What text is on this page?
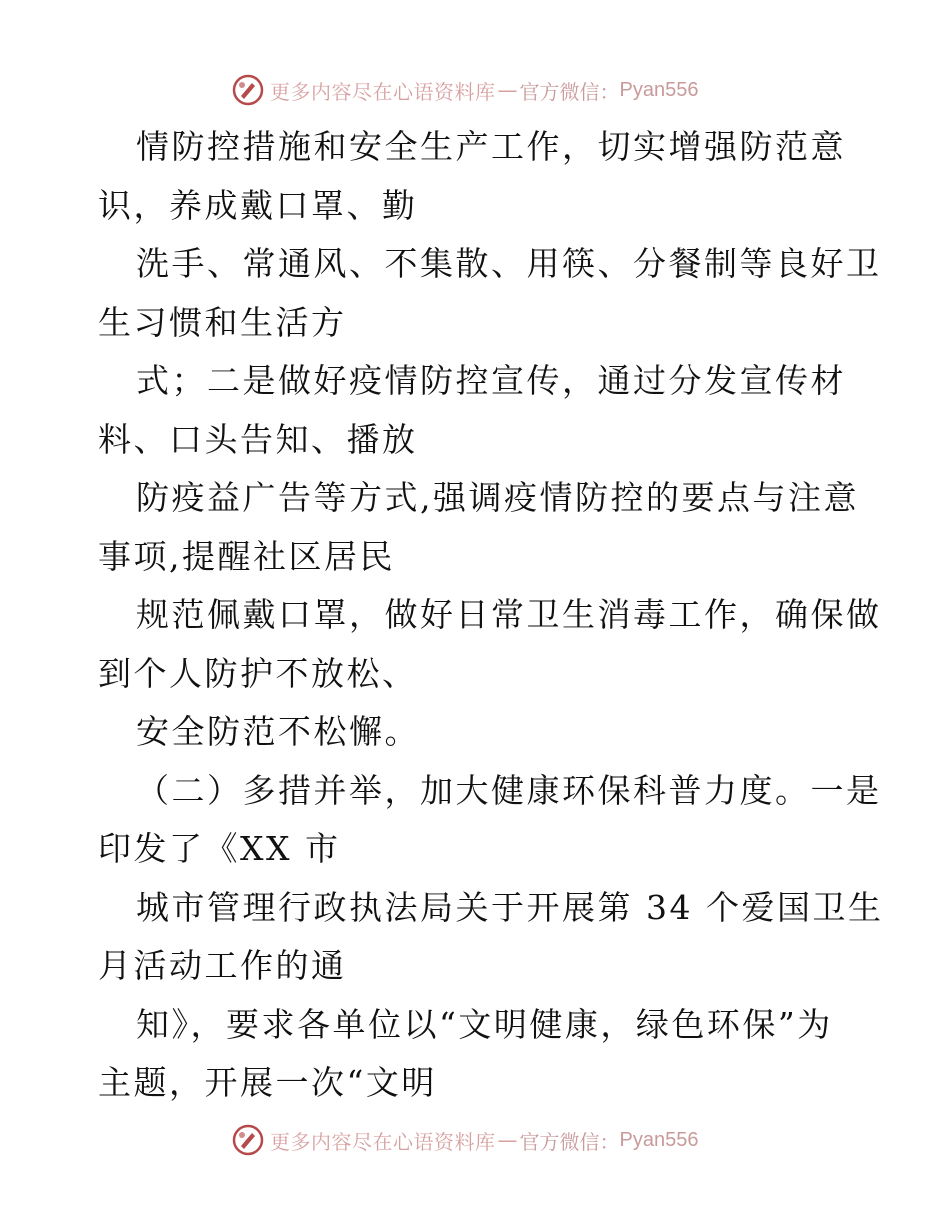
更多内容尽在心语资料库 — 官方微信： Pyan556
情防控措施和安全生产工作，切实增强防范意
识，养成戴口罩、勤
洗手、常通风、不集散、用筷、分餐制等良好卫
生习惯和生活方
式；二是做好疫情防控宣传，通过分发宣传材
料、口头告知、播放
防疫益广告等方式,强调疫情防控的要点与注意
事项,提醒社区居民
规范佩戴口罩，做好日常卫生消毒工作，确保做
到个人防护不放松、
安全防范不松懈。
（二）多措并举，加大健康环保科普力度。一是
印发了《XX 市
城市管理行政执法局关于开展第 34 个爱国卫生
月活动工作的通
知》，要求各单位以“文明健康，绿色环保”为
主题，开展一次“文明
更多内容尽在心语资料库 — 官方微信： Pyan556
